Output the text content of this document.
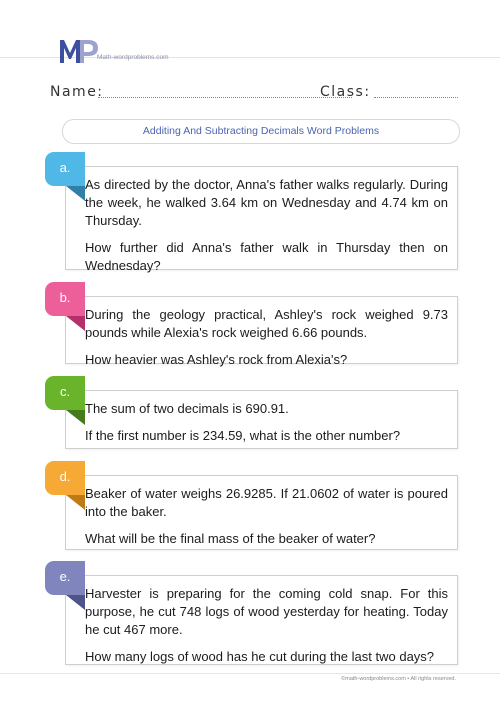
Math-wordproblems.com
Name:	Class:
Additing And Subtracting Decimals Word Problems

As directed by the doctor, Anna's father walks regularly. During the week, he walked 3.64 km on Wednesday and 4.74 km on Thursday.

How further did Anna's father walk in Thursday then on Wednesday?

a.

During the geology practical, Ashley's rock weighed 9.73 pounds while Alexia's rock weighed 6.66 pounds.

How heavier was Ashley's rock from Alexia's?

b.

The sum of two decimals is 690.91.

If the first number is 234.59, what is the other number?

c.

Beaker of water weighs 26.9285. If 21.0602 of water is poured into the baker.

What will be the final mass of the beaker of water?

d.

Harvester is preparing for the coming cold snap. For this purpose, he cut 748 logs of wood yesterday for heating. Today he cut 467 more.

How many logs of wood has he cut during the last two days?

e.
©math-wordproblems.com • All rights reserved.
